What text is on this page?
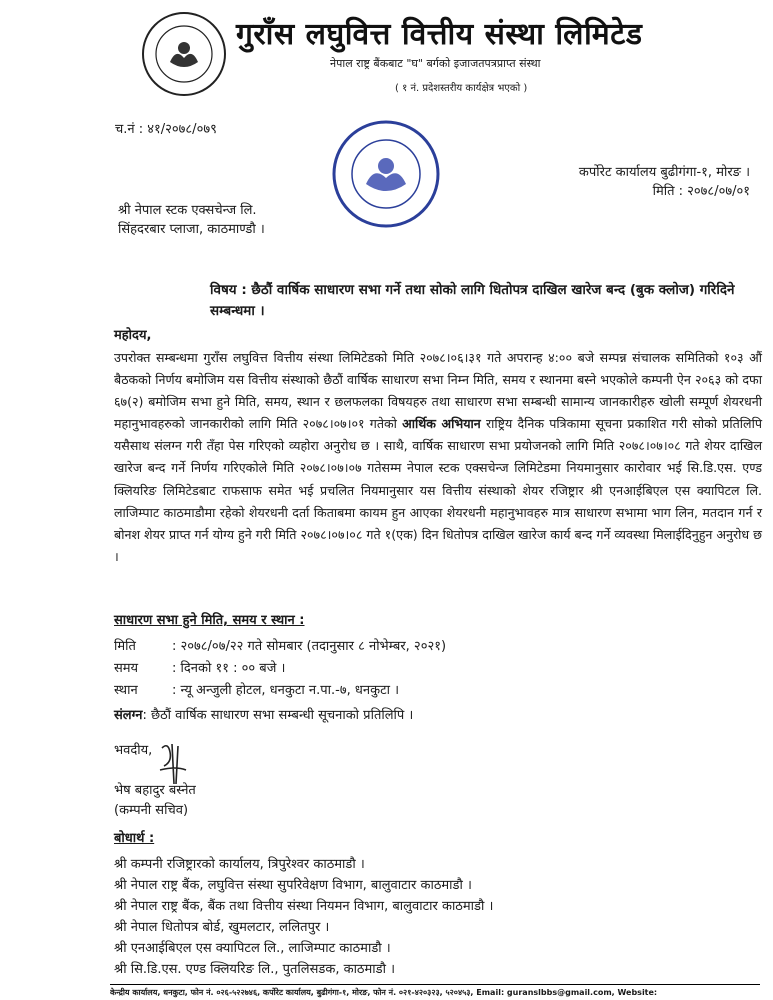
गुराँस लघुवित्त वित्तीय संस्था लिमिटेड
नेपाल राष्ट्र बैंकबाट "घ" बर्गको इजाजतपत्रप्राप्त संस्था
( १ नं. प्रदेशस्तरीय कार्यक्षेत्र भएको )
च.नं : ४१/२०७८/०७९
कर्पोरेट कार्यालय बुढीगंगा-१, मोरङ ।
मिति : २०७८/०७/०१
श्री नेपाल स्टक एक्सचेन्ज लि.
सिंहदरबार प्लाजा, काठमाण्डौ ।
विषय : छैठौं वार्षिक साधारण सभा गर्ने तथा सोको लागि धितोपत्र दाखिल खारेज बन्द (बुक क्लोज) गरिदिने सम्बन्धमा ।
महोदय,
उपरोक्त सम्बन्धमा गुराँस लघुवित्त वित्तीय संस्था लिमिटेडको मिति २०७८।०६।३१ गते अपरान्ह ४:०० बजे सम्पन्न संचालक समितिको १०३ औं बैठकको निर्णय बमोजिम यस वित्तीय संस्थाको छैठौं वार्षिक साधारण सभा निम्न मिति, समय र स्थानमा बस्ने भएकोले कम्पनी ऐन २०६३ को दफा ६७(२) बमोजिम सभा हुने मिति, समय, स्थान र छलफलका विषयहरु तथा साधारण सभा सम्बन्धी सामान्य जानकारीहरु खोली सम्पूर्ण शेयरधनी महानुभावहरुको जानकारीको लागि मिति २०७८।०७।०१ गतेको आर्थिक अभियान राष्ट्रिय दैनिक पत्रिकामा सूचना प्रकाशित गरी सोको प्रतिलिपि यसैसाथ संलग्न गरी तँहा पेस गरिएको व्यहोरा अनुरोध छ । साथै, वार्षिक साधारण सभा प्रयोजनको लागि मिति २०७८।०७।०८ गते शेयर दाखिल खारेज बन्द गर्ने निर्णय गरिएकोले मिति २०७८।०७।०७ गतेसम्म नेपाल स्टक एक्सचेन्ज लिमिटेडमा नियमानुसार कारोवार भई सि.डि.एस. एण्ड क्लियरिङ लिमिटेडबाट राफसाफ समेत भई प्रचलित नियमानुसार यस वित्तीय संस्थाको शेयर रजिष्ट्रार श्री एनआईबिएल एस क्यापिटल लि. लाजिम्पाट काठमाडौमा रहेको शेयरधनी दर्ता किताबमा कायम हुन आएका शेयरधनी महानुभावहरु मात्र साधारण सभामा भाग लिन, मतदान गर्न र बोनश शेयर प्राप्त गर्न योग्य हुने गरी मिति २०७८।०७।०८ गते १(एक) दिन धितोपत्र दाखिल खारेज कार्य बन्द गर्ने व्यवस्था मिलाईदिनुहुन अनुरोध छ ।
साधारण सभा हुने मिति, समय र स्थान :
मिति	: २०७८/०७/२२ गते सोमबार (तदानुसार ८ नोभेम्बर, २०२१)
समय	: दिनको ११ : ०० बजे ।
स्थान	: न्यू अन्जुली होटल, धनकुटा न.पा.-७, धनकुटा ।
संलग्न: छैठौं वार्षिक साधारण सभा सम्बन्धी सूचनाको प्रतिलिपि ।
भवदीय,
भेष बहादुर बस्नेत
(कम्पनी सचिव)
बोधार्थ :
श्री कम्पनी रजिष्ट्रारको कार्यालय, त्रिपुरेश्वर काठमाडौ ।
श्री नेपाल राष्ट्र बैंक, लघुवित्त संस्था सुपरिवेक्षण विभाग, बालुवाटार काठमाडौ ।
श्री नेपाल राष्ट्र बैंक, बैंक तथा वित्तीय संस्था नियमन विभाग, बालुवाटार काठमाडौ ।
श्री नेपाल धितोपत्र बोर्ड, खुमलटार, ललितपुर ।
श्री एनआईबिएल एस क्यापिटल लि., लाजिम्पाट काठमाडौ ।
श्री सि.डि.एस. एण्ड क्लियरिङ लि., पुतलिसडक, काठमाडौ ।
केन्द्रीय कार्यालय, धनकुटा, फोन नं. ०२६-५२२७४६, कर्पोरेट कार्यालय, बुढीगंगा-१, मोरङ, फोन नं. ०२१-४२०३२३, ५२०४५३, Email: guranslbbs@gmail.com, Website:
